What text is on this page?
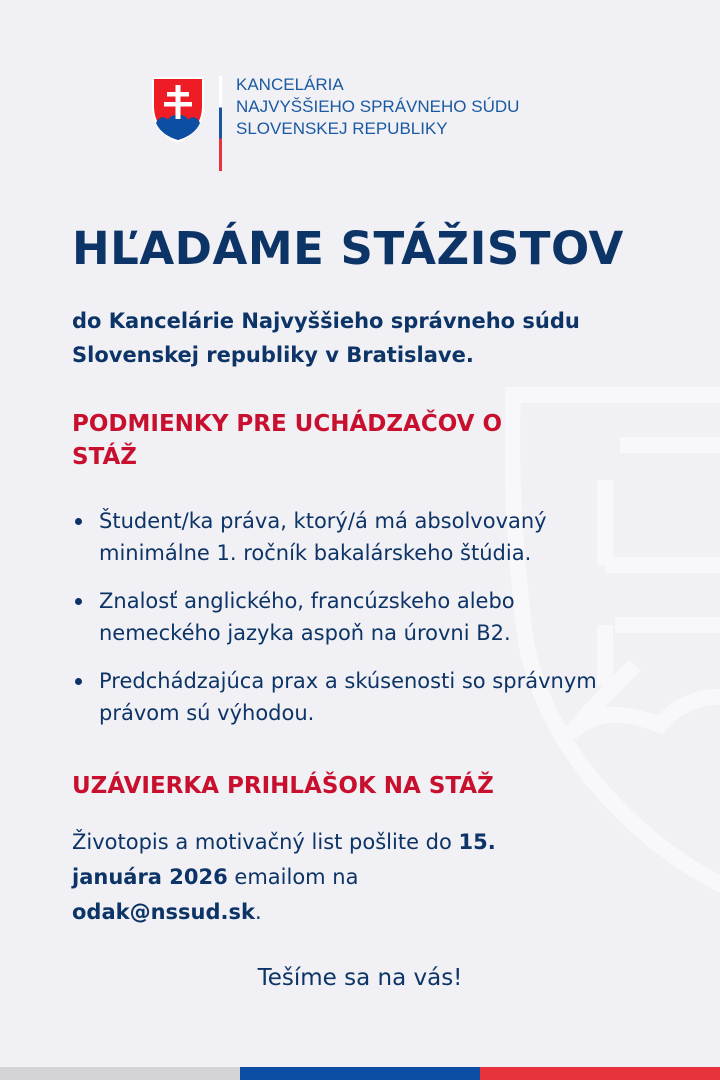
KANCELÁRIA
NAJVYŠŠIEHO SPRÁVNEHO SÚDU
SLOVENSKEJ REPUBLIKY
HĽADÁME STÁŽISTOV
do Kancelárie Najvyššieho správneho súdu Slovenskej republiky v Bratislave.
PODMIENKY PRE UCHÁDZAČOV O STÁŽ
Študent/ka práva, ktorý/á má absolvovaný minimálne 1. ročník bakalárskeho štúdia.
Znalosť anglického, francúzskeho alebo nemeckého jazyka aspoň na úrovni B2.
Predchádzajúca prax a skúsenosti so správnym právom sú výhodou.
UZÁVIERKA PRIHLÁŠOK NA STÁŽ
Životopis a motivačný list pošlite do 15. januára 2026 emailom na odak@nssud.sk.
Tešíme sa na vás!
